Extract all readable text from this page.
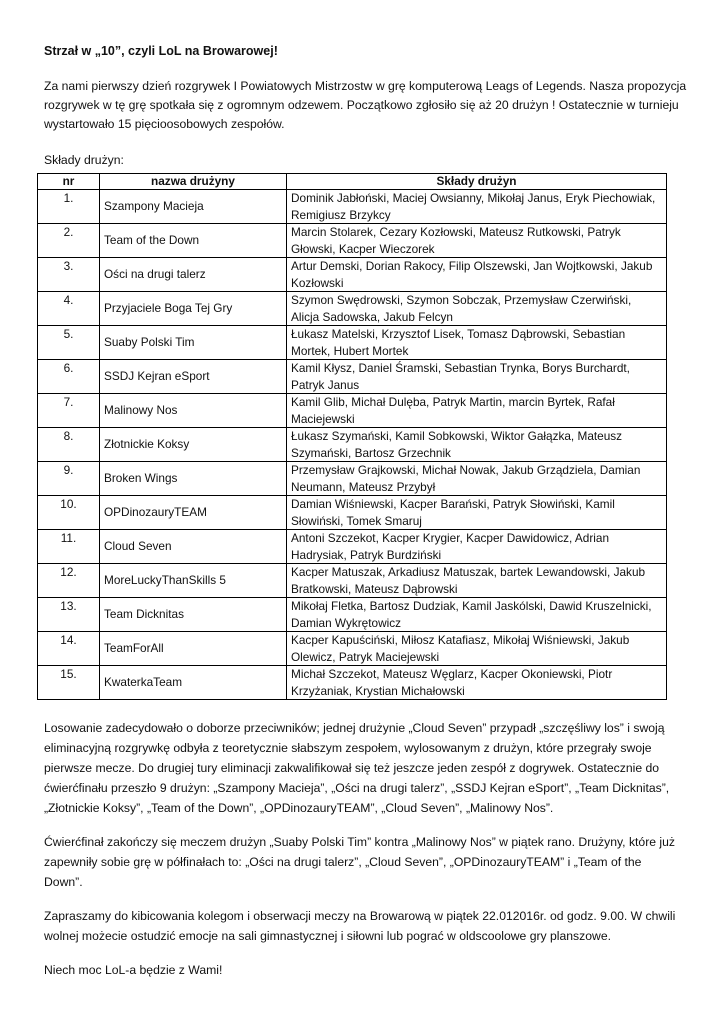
Strzał w „10”, czyli LoL na Browarowej!

Za nami pierwszy dzień rozgrywek I Powiatowych Mistrzostw w grę komputerową Leags of Legends. Nasza propozycja rozgrywek w tę grę spotkała się z ogromnym odzewem. Początkowo zgłosiło się aż 20 drużyn ! Ostatecznie w turnieju wystartowało 15 pięcioosobowych zespołów.

Składy drużyn:
nr	nazwa drużyny	Składy drużyn
1.	Szampony Macieja	Dominik Jabłoński, Maciej Owsianny, Mikołaj Janus, Eryk Piechowiak, Remigiusz Brzykcy
2.	Team of the Down	Marcin Stolarek, Cezary Kozłowski, Mateusz Rutkowski, Patryk Głowski, Kacper Wieczorek
3.	Ości na drugi talerz	Artur Demski, Dorian Rakocy, Filip Olszewski, Jan Wojtkowski, Jakub Kozłowski
4.	Przyjaciele Boga Tej Gry	Szymon Swędrowski, Szymon Sobczak, Przemysław Czerwiński, Alicja Sadowska, Jakub Felcyn
5.	Suaby Polski Tim	Łukasz Matelski, Krzysztof Lisek, Tomasz Dąbrowski, Sebastian Mortek, Hubert Mortek
6.	SSDJ Kejran eSport	Kamil Kłysz, Daniel Śramski, Sebastian Trynka, Borys Burchardt, Patryk Janus
7.	Malinowy Nos	Kamil Glib, Michał Dulęba, Patryk Martin, marcin Byrtek, Rafał Maciejewski
8.	Złotnickie Koksy	Łukasz Szymański, Kamil Sobkowski, Wiktor Gałązka, Mateusz Szymański, Bartosz Grzechnik
9.	Broken Wings	Przemysław Grajkowski, Michał Nowak, Jakub Grządziela, Damian Neumann, Mateusz Przybył
10.	OPDinozauryTEAM	Damian Wiśniewski, Kacper Barański, Patryk Słowiński, Kamil Słowiński, Tomek Smaruj
11.	Cloud Seven	Antoni Szczekot, Kacper Krygier, Kacper Dawidowicz, Adrian Hadrysiak, Patryk Burdziński
12.	MoreLuckyThanSkills 5	Kacper Matuszak, Arkadiusz Matuszak, bartek Lewandowski, Jakub Bratkowski, Mateusz Dąbrowski
13.	Team Dicknitas	Mikołaj Fletka, Bartosz Dudziak, Kamil Jaskólski, Dawid Kruszelnicki, Damian Wykrętowicz
14.	TeamForAll	Kacper Kapuściński, Miłosz Katafiasz, Mikołaj Wiśniewski, Jakub Olewicz, Patryk Maciejewski
15.	KwaterkaTeam	Michał Szczekot, Mateusz Węglarz, Kacper Okoniewski, Piotr Krzyżaniak, Krystian Michałowski

Losowanie zadecydowało o doborze przeciwników; jednej drużynie „Cloud Seven” przypadł „szczęśliwy los” i swoją eliminacyjną rozgrywkę odbyła z teoretycznie słabszym zespołem, wylosowanym z drużyn, które przegrały swoje pierwsze mecze. Do drugiej tury eliminacji zakwalifikował się też jeszcze jeden zespół z dogrywek. Ostatecznie do ćwierćfinału przeszło 9 drużyn: „Szampony Macieja”, „Ości na drugi talerz”, „SSDJ Kejran eSport”, „Team Dicknitas”, „Złotnickie Koksy”, „Team of the Down”, „OPDinozauryTEAM”, „Cloud Seven”, „Malinowy Nos”.

Ćwierćfinał zakończy się meczem drużyn „Suaby Polski Tim” kontra „Malinowy Nos” w piątek rano. Drużyny, które już zapewniły sobie grę w półfinałach to: „Ości na drugi talerz”, „Cloud Seven”, „OPDinozauryTEAM” i „Team of the Down”.

Zapraszamy do kibicowania kolegom i obserwacji meczy na Browarową w piątek 22.012016r. od godz. 9.00. W chwili wolnej możecie ostudzić emocje na sali gimnastycznej i siłowni lub pograć w oldscoolowe gry planszowe.

Niech moc LoL-a będzie z Wami!
